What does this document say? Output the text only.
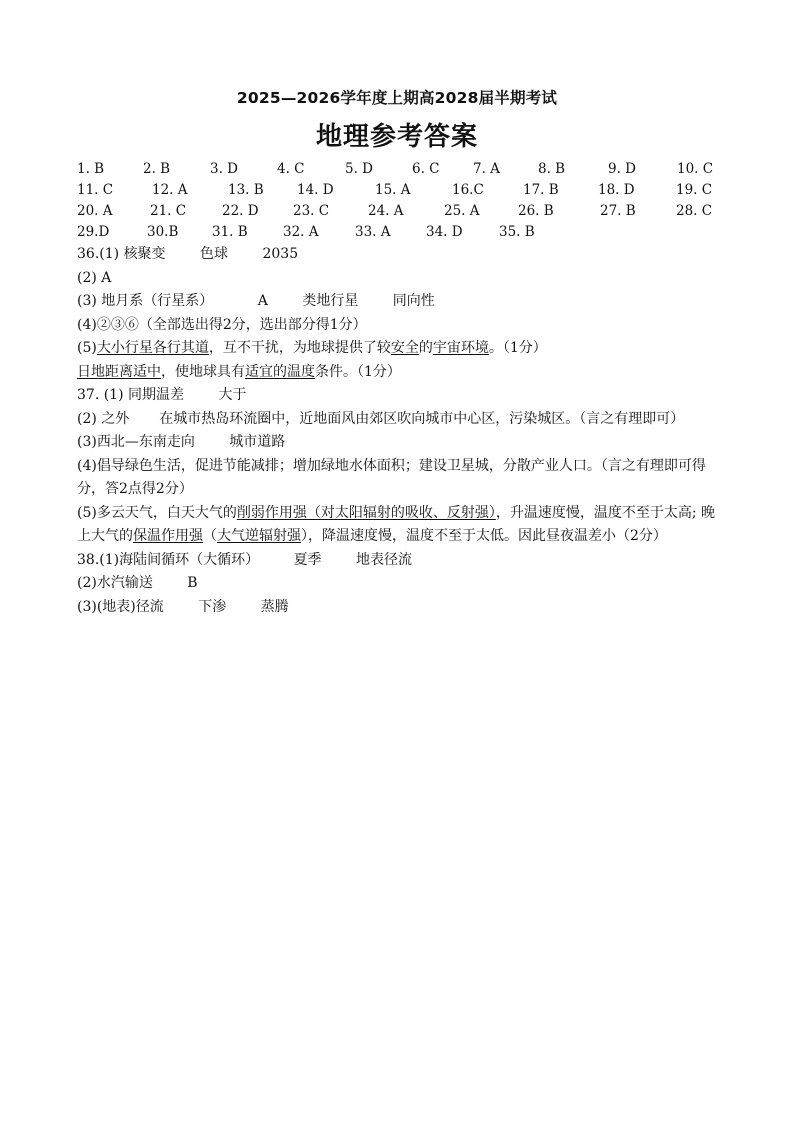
2025—2026学年度上期高2028届半期考试
地理参考答案
1. B	2. B	3. D	4. C	5. D	6. C 7. A	8. B	9. D	10. C
11. C	12. A	13. B 14. D	15. A	16.C	17. B	18. D	19. C
20. A	21. C	22. D	23. C	24. A	25. A	26. B	27. B	28. C
29.D	30.B 31. B	32. A	33. A	34. D	35. B
36.(1) 核聚变 色球 2035
(2) A
(3) 地月系（行星系）	A 类地行星 同向性
(4)②③⑥（全部选出得2分，选出部分得1分）
(5)大小行星各行其道，互不干扰，为地球提供了较安全的宇宙环境。（1分）
日地距离适中，使地球具有适宜的温度条件。（1分）
37. (1) 同期温差 大于
(2) 之外 在城市热岛环流圈中，近地面风由郊区吹向城市中心区，污染城区。（言之有理即可）
(3)西北—东南走向 城市道路
(4)倡导绿色生活，促进节能减排；增加绿地水体面积；建设卫星城，分散产业人口。（言之有理即可得分，答2点得2分）
(5)多云天气，白天大气的削弱作用强（对太阳辐射的吸收、反射强），升温速度慢，温度不至于太高; 晚上大气的保温作用强（大气逆辐射强），降温速度慢，温度不至于太低。因此昼夜温差小（2分）
38.(1)海陆间循环（大循环） 夏季 地表径流
(2)水汽输送 B
(3)(地表)径流 下渗 蒸腾
